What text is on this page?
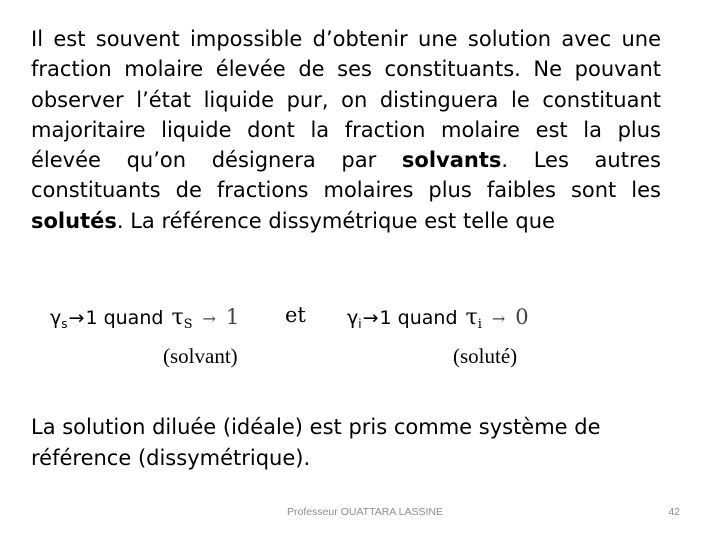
Il est souvent impossible d’obtenir une solution avec une fraction molaire élevée de ses constituants. Ne pouvant observer l’état liquide pur, on distinguera le constituant majoritaire liquide dont la fraction molaire est la plus élevée qu’on désignera par solvants. Les autres constituants de fractions molaires plus faibles sont les solutés. La référence dissymétrique est telle que

$\gamma_s\to 1$ quand $\tau_S \to 1$ et $\gamma_i\to 1$ quand $\tau_i \to 0$
(solvant)	(soluté)

La solution diluée (idéale) est pris comme système de référence (dissymétrique).

Professeur OUATTARA LASSINE	42
